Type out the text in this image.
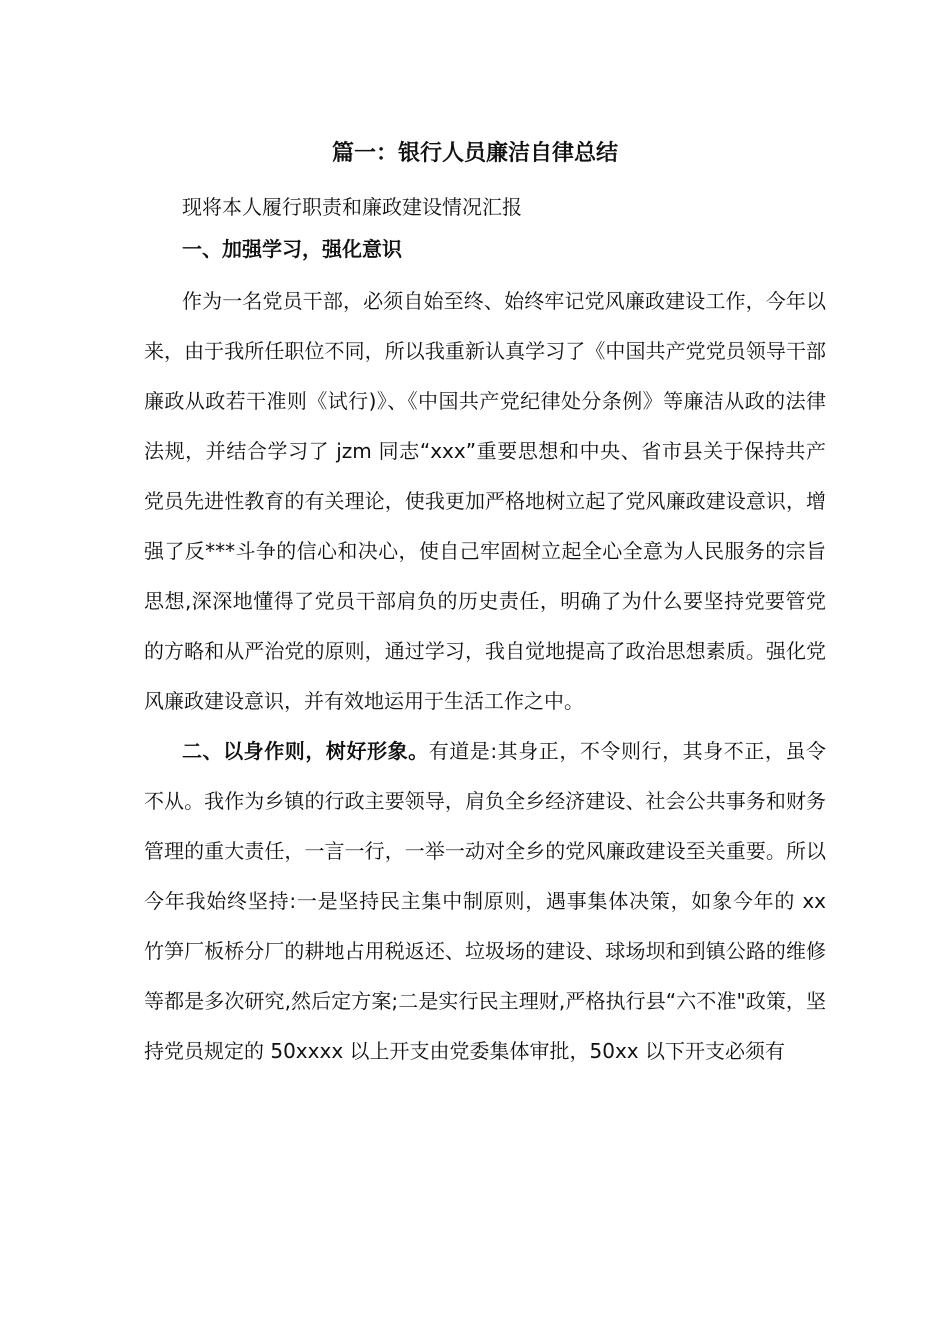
篇一：银行人员廉洁自律总结

现将本人履行职责和廉政建设情况汇报

一、加强学习，强化意识

作为一名党员干部，必须自始至终、始终牢记党风廉政建设工作，今年以来，由于我所任职位不同，所以我重新认真学习了《中国共产党党员领导干部廉政从政若干准则《试行)》、《中国共产党纪律处分条例》等廉洁从政的法律法规，并结合学习了 jzm 同志“xxx”重要思想和中央、省市县关于保持共产党员先进性教育的有关理论，使我更加严格地树立起了党风廉政建设意识，增强了反***斗争的信心和决心，使自己牢固树立起全心全意为人民服务的宗旨思想,深深地懂得了党员干部肩负的历史责任，明确了为什么要坚持党要管党的方略和从严治党的原则，通过学习，我自觉地提高了政治思想素质。强化党风廉政建设意识，并有效地运用于生活工作之中。

二、以身作则，树好形象。有道是:其身正，不令则行，其身不正，虽令不从。我作为乡镇的行政主要领导，肩负全乡经济建设、社会公共事务和财务管理的重大责任，一言一行，一举一动对全乡的党风廉政建设至关重要。所以今年我始终坚持:一是坚持民主集中制原则，遇事集体决策，如象今年的 xx 竹笋厂板桥分厂的耕地占用税返还、垃圾场的建设、球场坝和到镇公路的维修等都是多次研究,然后定方案;二是实行民主理财,严格执行县“六不准"政策，坚持党员规定的 50xxxx 以上开支由党委集体审批，50xx 以下开支必须有
